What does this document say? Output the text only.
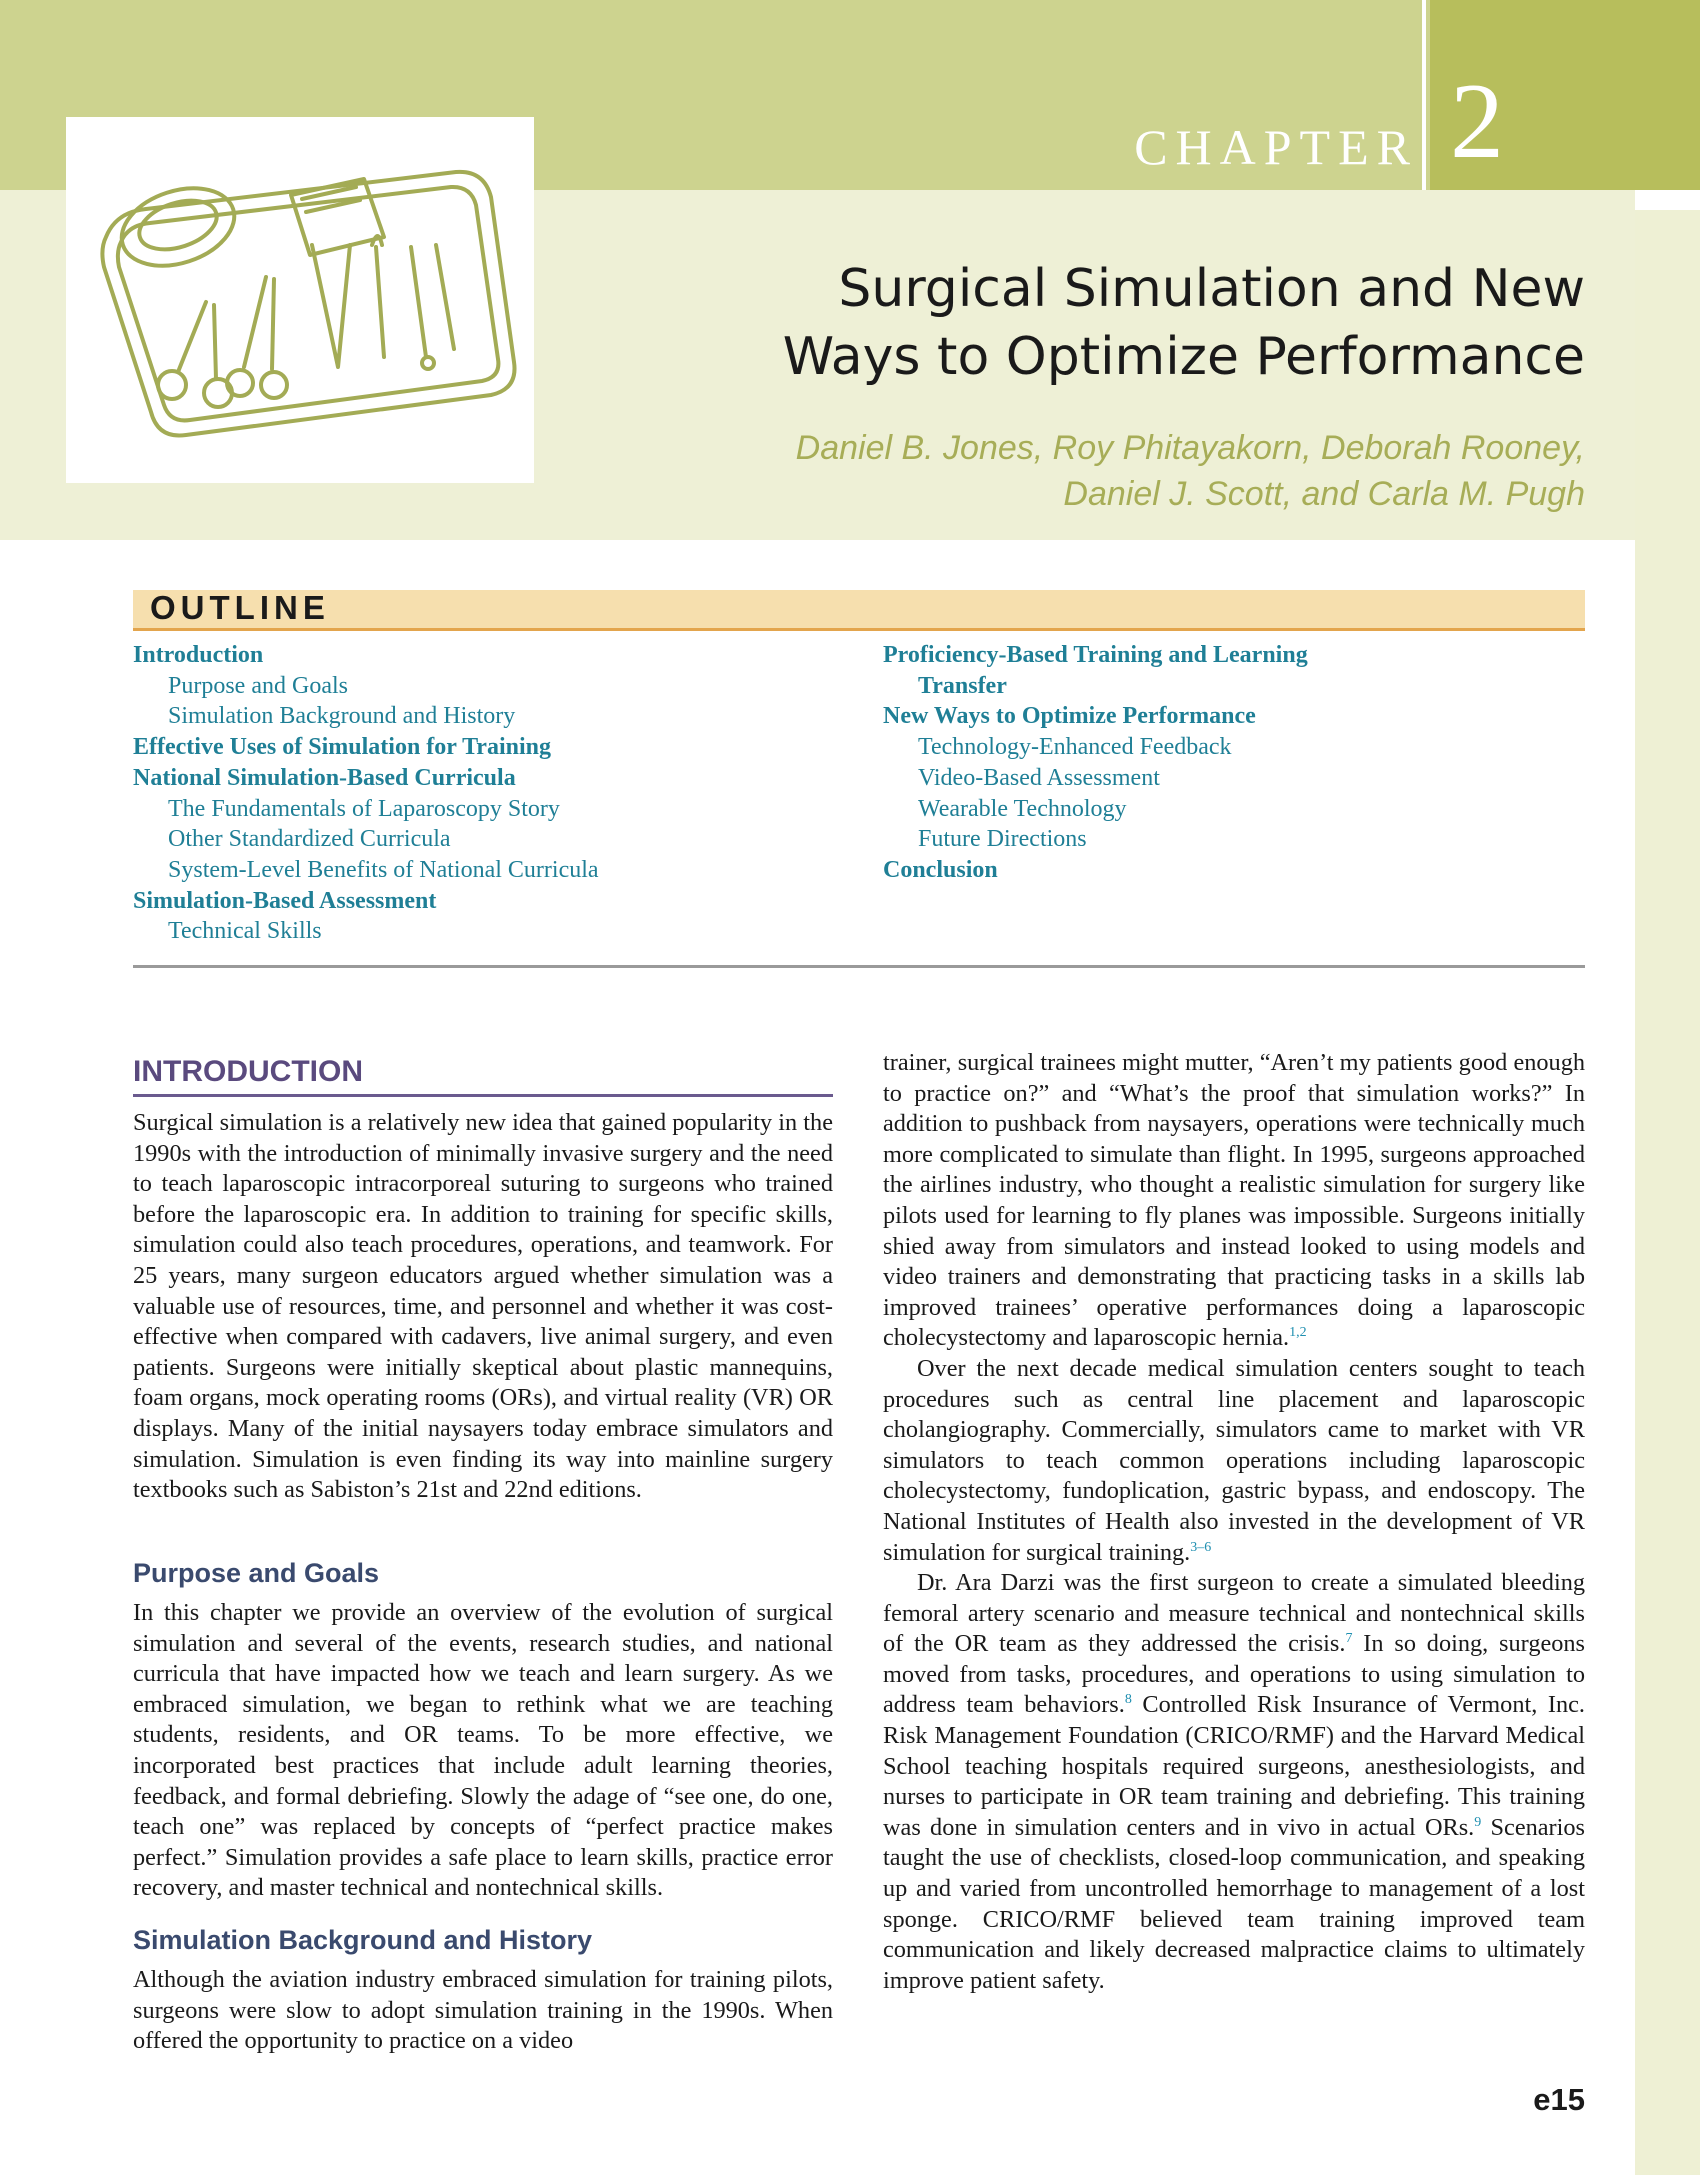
CHAPTER 2
Surgical Simulation and New
Ways to Optimize Performance
Daniel B. Jones, Roy Phitayakorn, Deborah Rooney,
Daniel J. Scott, and Carla M. Pugh
OUTLINE
Introduction
Purpose and Goals
Simulation Background and History
Effective Uses of Simulation for Training
National Simulation-Based Curricula
The Fundamentals of Laparoscopy Story
Other Standardized Curricula
System-Level Benefits of National Curricula
Simulation-Based Assessment
Technical Skills
Proficiency-Based Training and Learning
Transfer
New Ways to Optimize Performance
Technology-Enhanced Feedback
Video-Based Assessment
Wearable Technology
Future Directions
Conclusion
INTRODUCTION

Surgical simulation is a relatively new idea that gained popularity in the 1990s with the introduction of minimally invasive surgery and the need to teach laparoscopic intracorporeal suturing to surgeons who trained before the laparoscopic era. In addition to training for specific skills, simulation could also teach procedures, operations, and teamwork. For 25 years, many surgeon educators argued whether simulation was a valuable use of resources, time, and personnel and whether it was cost-effective when compared with cadavers, live animal surgery, and even patients. Surgeons were initially skeptical about plastic mannequins, foam organs, mock operating rooms (ORs), and virtual reality (VR) OR displays. Many of the initial naysayers today embrace simulators and simulation. Simulation is even finding its way into mainline surgery textbooks such as Sabiston’s 21st and 22nd editions.

Purpose and Goals

In this chapter we provide an overview of the evolution of surgical simulation and several of the events, research studies, and national curricula that have impacted how we teach and learn surgery. As we embraced simulation, we began to rethink what we are teaching students, residents, and OR teams. To be more effective, we incorporated best practices that include adult learning theories, feedback, and formal debriefing. Slowly the adage of “see one, do one, teach one” was replaced by concepts of “perfect practice makes perfect.” Simulation provides a safe place to learn skills, practice error recovery, and master technical and nontechnical skills.

Simulation Background and History

Although the aviation industry embraced simulation for training pilots, surgeons were slow to adopt simulation training in the 1990s. When offered the opportunity to practice on a video

trainer, surgical trainees might mutter, “Aren’t my patients good enough to practice on?” and “What’s the proof that simulation works?” In addition to pushback from naysayers, operations were technically much more complicated to simulate than flight. In 1995, surgeons approached the airlines industry, who thought a realistic simulation for surgery like pilots used for learning to fly planes was impossible. Surgeons initially shied away from simulators and instead looked to using models and video trainers and demonstrating that practicing tasks in a skills lab improved trainees’ operative performances doing a laparoscopic cholecystectomy and laparoscopic hernia.$^{1,2}$

Over the next decade medical simulation centers sought to teach procedures such as central line placement and laparoscopic cholangiography. Commercially, simulators came to market with VR simulators to teach common operations including laparoscopic cholecystectomy, fundoplication, gastric bypass, and endoscopy. The National Institutes of Health also invested in the development of VR simulation for surgical training.$^{3-6}$

Dr. Ara Darzi was the first surgeon to create a simulated bleeding femoral artery scenario and measure technical and nontechnical skills of the OR team as they addressed the crisis.$^7$ In so doing, surgeons moved from tasks, procedures, and operations to using simulation to address team behaviors.$^8$ Controlled Risk Insurance of Vermont, Inc. Risk Management Foundation (CRICO/RMF) and the Harvard Medical School teaching hospitals required surgeons, anesthesiologists, and nurses to participate in OR team training and debriefing. This training was done in simulation centers and in vivo in actual ORs.$^9$ Scenarios taught the use of checklists, closed-loop communication, and speaking up and varied from uncontrolled hemorrhage to management of a lost sponge. CRICO/RMF believed team training improved team communication and likely decreased malpractice claims to ultimately improve patient safety.

e15
